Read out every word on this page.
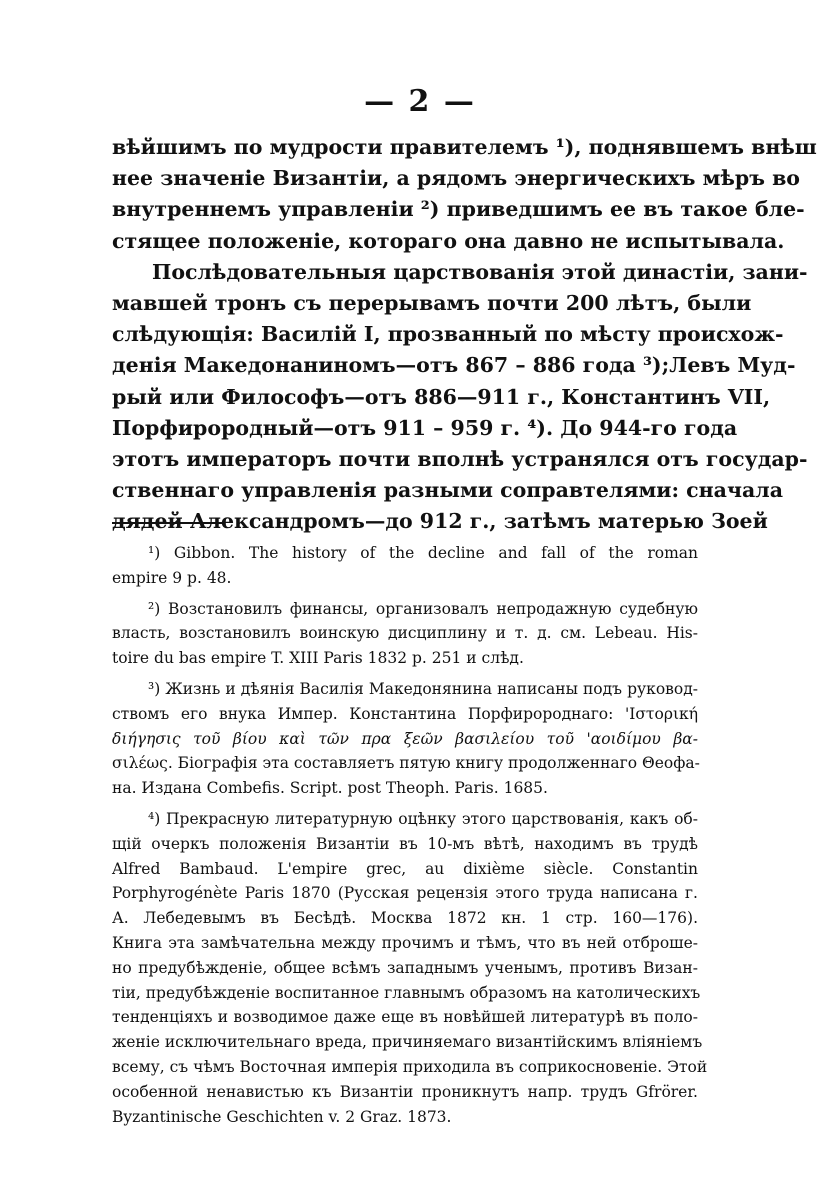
— 2 —
вѣйшимъ по мудрости правителемъ ¹), поднявшемъ внѣш
нее значеніе Византіи, а рядомъ энергическихъ мѣръ во
внутреннемъ управленіи ²) приведшимъ ее въ такое бле-
стящее положеніе, котораго она давно не испытывала.
Послѣдовательныя царствованія этой династіи, зани-
мавшей тронъ съ перерывамъ почти 200 лѣтъ, были
слѣдующія: Василій I, прозванный по мѣсту происхож-
денія Македонаниномъ—отъ 867 – 886 года ³);Левъ Муд-
рый или Философъ—отъ 886—911 г., Константинъ VII,
Порфирородный—отъ 911 – 959 г. ⁴). До 944-го года
этотъ императоръ почти вполнѣ устранялся отъ государ-
ственнаго управленія разными соправтелями: сначала
дядей Александромъ—до 912 г., затѣмъ матерью Зоей
¹) Gibbon. The history of the decline and fall of the roman
empire 9 p. 48.
²) Возстановилъ финансы, организовалъ непродажную судебную
власть, возстановилъ воинскую дисциплину и т. д. см. Lebeau. His-
toire du bas empire T. XIII Paris 1832 p. 251 и слѣд.
³) Жизнь и дѣянія Василія Македонянина написаны подъ руковод-
ствомъ его внука Импер. Константина Порфиророднаго: 'Ιστορική
διήγησις τοῦ βίου καὶ τῶν πρα ξεῶν βασιλείου τοῦ 'αοιδίμου βα-
σιλέως. Біографія эта составляетъ пятую книгу продолженнаго Θеофа-
на. Издана Combefis. Script. post Theoph. Paris. 1685.
⁴) Прекрасную литературную оцѣнку этого царствованія, какъ об-
щій очеркъ положенія Византіи въ 10-мъ вѣтѣ, находимъ въ трудѣ
Alfred Bambaud. L'empire grec, au dixième siècle. Constantin
Porphyrogénète Paris 1870 (Русская рецензія этого труда написана г.
А. Лебедевымъ въ Бесѣдѣ. Москва 1872 кн. 1 стр. 160—176).
Книга эта замѣчательна между прочимъ и тѣмъ, что въ ней отброше-
но предубѣжденіе, общее всѣмъ западнымъ ученымъ, противъ Визан-
тіи, предубѣжденіе воспитанное главнымъ образомъ на католическихъ
тенденціяхъ и возводимое даже еще въ новѣйшей литературѣ въ поло-
женіе исключительнаго вреда, причиняемаго византійскимъ вліяніемъ
всему, съ чѣмъ Восточная имперія приходила въ соприкосновеніе. Этой
особенной ненавистью къ Византіи проникнутъ напр. трудъ Gfrörer.
Byzantinische Geschichten v. 2 Graz. 1873.
